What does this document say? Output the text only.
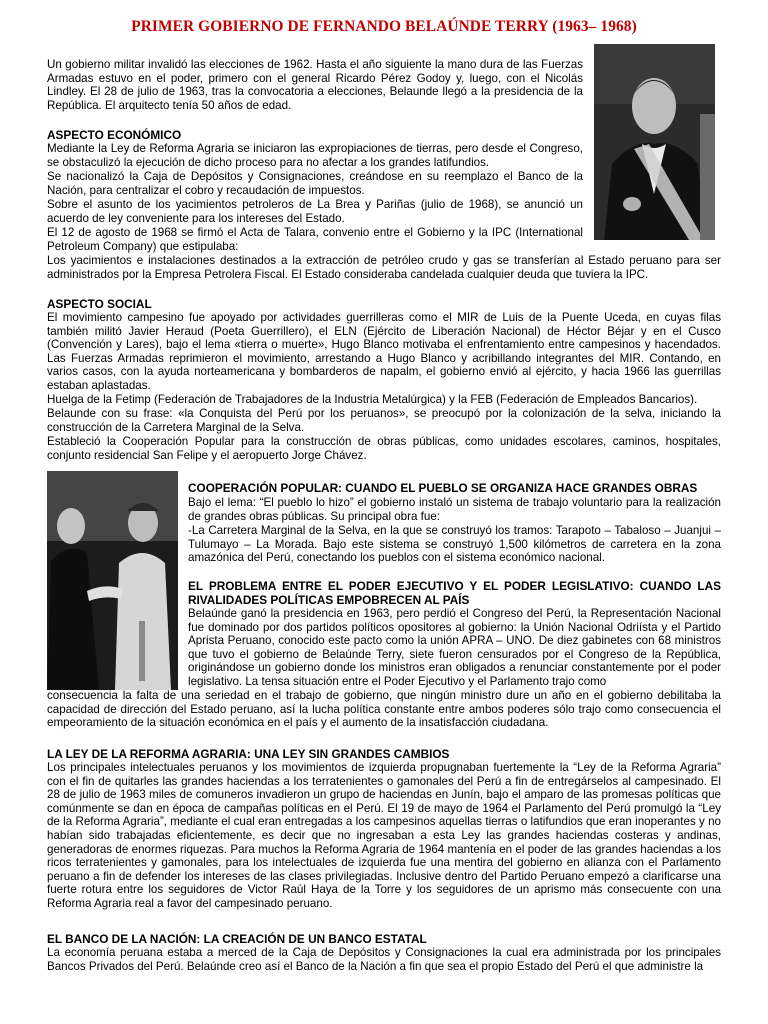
PRIMER GOBIERNO DE FERNANDO BELAÚNDE TERRY (1963– 1968)

Un gobierno militar invalidó las elecciones de 1962. Hasta el año siguiente la mano dura de las Fuerzas Armadas estuvo en el poder, primero con el general Ricardo Pérez Godoy y, luego, con el Nicolás Lindley. El 28 de julio de 1963, tras la convocatoria a elecciones, Belaunde llegó a la presidencia de la República. El arquitecto tenía 50 años de edad.

ASPECTO ECONÓMICO

Mediante la Ley de Reforma Agraria se iniciaron las expropiaciones de tierras, pero desde el Congreso, se obstaculizó la ejecución de dicho proceso para no afectar a los grandes latifundios.

Se nacionalizó la Caja de Depósitos y Consignaciones, creándose en su reemplazo el Banco de la Nación, para centralizar el cobro y recaudación de impuestos.

Sobre el asunto de los yacimientos petroleros de La Brea y Pariñas (julio de 1968), se anunció un acuerdo de ley conveniente para los intereses del Estado.

El 12 de agosto de 1968 se firmó el Acta de Talara, convenio entre el Gobierno y la IPC (International Petroleum Company) que estipulaba:

Los yacimientos e instalaciones destinados a la extracción de petróleo crudo y gas se transferían al Estado peruano para ser administrados por la Empresa Petrolera Fiscal. El Estado consideraba candelada cualquier deuda que tuviera la IPC.

ASPECTO SOCIAL

El movimiento campesino fue apoyado por actividades guerrilleras como el MIR de Luis de la Puente Uceda, en cuyas filas también militó Javier Heraud (Poeta Guerrillero), el ELN (Ejército de Liberación Nacional) de Héctor Béjar y en el Cusco (Convención y Lares), bajo el lema «tierra o muerte», Hugo Blanco motivaba el enfrentamiento entre campesinos y hacendados. Las Fuerzas Armadas reprimieron el movimiento, arrestando a Hugo Blanco y acribillando integrantes del MIR. Contando, en varios casos, con la ayuda norteamericana y bombarderos de napalm, el gobierno envió al ejército, y hacia 1966 las guerrillas estaban aplastadas.

Huelga de la Fetimp (Federación de Trabajadores de la Industria Metalúrgica) y la FEB (Federación de Empleados Bancarios).

Belaunde con su frase: «la Conquista del Perú por los peruanos», se preocupó por la colonización de la selva, iniciando la construcción de la Carretera Marginal de la Selva.

Estableció la Cooperación Popular para la construcción de obras públicas, como unidades escolares, caminos, hospitales, conjunto residencial San Felipe y el aeropuerto Jorge Chávez.

COOPERACIÓN POPULAR: CUANDO EL PUEBLO SE ORGANIZA HACE GRANDES OBRAS

Bajo el lema: “El pueblo lo hizo” el gobierno instaló un sistema de trabajo voluntario para la realización de grandes obras públicas. Su principal obra fue:

-La Carretera Marginal de la Selva, en la que se construyó los tramos: Tarapoto – Tabaloso – Juanjui – Tulumayo – La Morada. Bajo este sistema se construyó 1,500 kilómetros de carretera en la zona amazónica del Perú, conectando los pueblos con el sistema económico nacional.

EL PROBLEMA ENTRE EL PODER EJECUTIVO Y EL PODER LEGISLATIVO: CUANDO LAS RIVALIDADES POLÍTICAS EMPOBRECEN AL PAÍS

Belaúnde ganó la presidencia en 1963, pero perdió el Congreso del Perú, la Representación Nacional fue dominado por dos partidos políticos opositores al gobierno: la Unión Nacional Odriísta y el Partido Aprista Peruano, conocido este pacto como la unión APRA – UNO. De diez gabinetes con 68 ministros que tuvo el gobierno de Belaúnde Terry, siete fueron censurados por el Congreso de la República, originándose un gobierno donde los ministros eran obligados a renunciar constantemente por el poder legislativo. La tensa situación entre el Poder Ejecutivo y el Parlamento trajo como

consecuencia la falta de una seriedad en el trabajo de gobierno, que ningún ministro dure un año en el gobierno debilitaba la capacidad de dirección del Estado peruano, así la lucha política constante entre ambos poderes sólo trajo como consecuencia el empeoramiento de la situación económica en el país y el aumento de la insatisfacción ciudadana.

LA LEY DE LA REFORMA AGRARIA: UNA LEY SIN GRANDES CAMBIOS

Los principales intelectuales peruanos y los movimientos de izquierda propugnaban fuertemente la “Ley de la Reforma Agraria” con el fin de quitarles las grandes haciendas a los terratenientes o gamonales del Perú a fin de entregárselos al campesinado. El 28 de julio de 1963 miles de comuneros invadieron un grupo de haciendas en Junín, bajo el amparo de las promesas políticas que comúnmente se dan en época de campañas políticas en el Perú. El 19 de mayo de 1964 el Parlamento del Perú promulgó la “Ley de la Reforma Agraria”, mediante el cual eran entregadas a los campesinos aquellas tierras o latifundios que eran inoperantes y no habían sido trabajadas eficientemente, es decir que no ingresaban a esta Ley las grandes haciendas costeras y andinas, generadoras de enormes riquezas. Para muchos la Reforma Agraria de 1964 mantenía en el poder de las grandes haciendas a los ricos terratenientes y gamonales, para los intelectuales de izquierda fue una mentira del gobierno en alianza con el Parlamento peruano a fin de defender los intereses de las clases privilegiadas. Inclusive dentro del Partido Peruano empezó a clarificarse una fuerte rotura entre los seguidores de Victor Raúl Haya de la Torre y los seguidores de un aprismo más consecuente con una Reforma Agraria real a favor del campesinado peruano.

EL BANCO DE LA NACIÓN: LA CREACIÓN DE UN BANCO ESTATAL

La economía peruana estaba a merced de la Caja de Depósitos y Consignaciones la cual era administrada por los principales Bancos Privados del Perú. Belaúnde creo así el Banco de la Nación a fin que sea el propio Estado del Perú el que administre la
